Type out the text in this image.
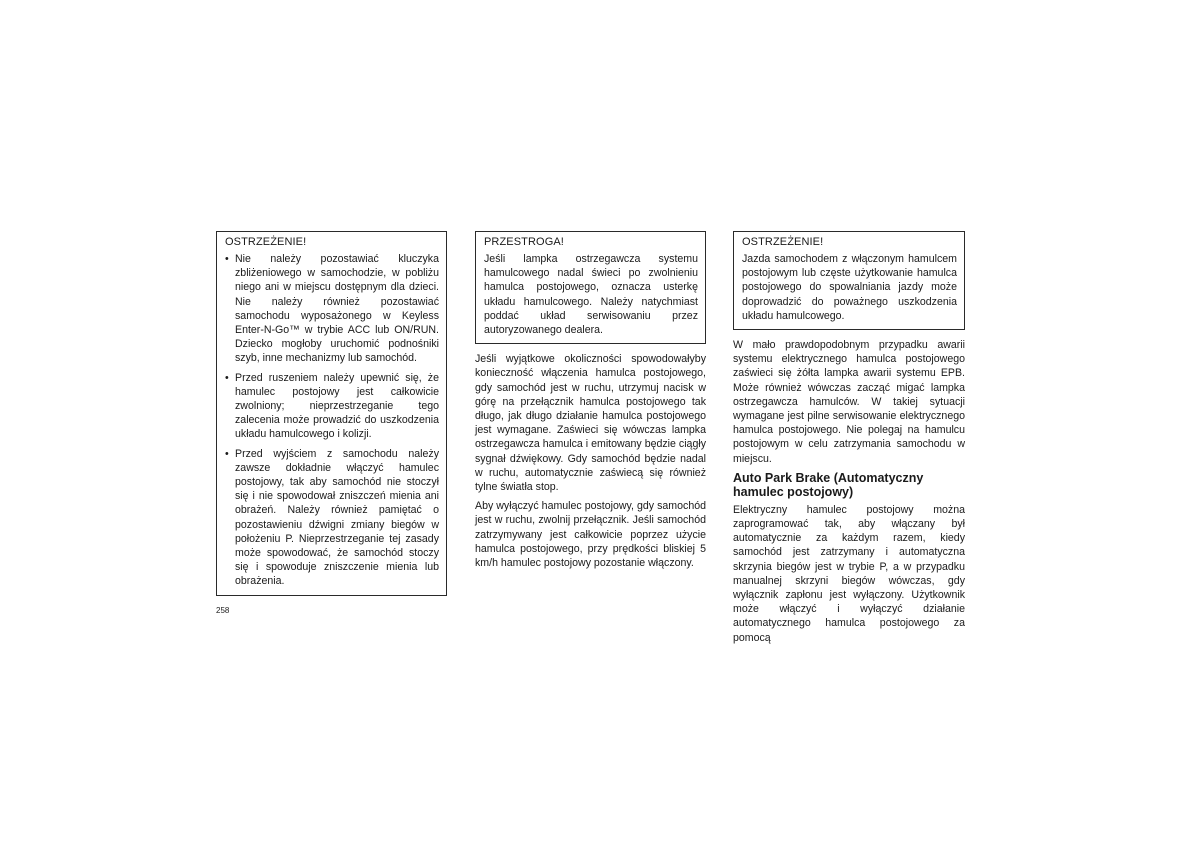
OSTRZEŻENIE!
• Nie należy pozostawiać kluczyka zbliżeniowego w samochodzie, w pobliżu niego ani w miejscu dostępnym dla dzieci. Nie należy również pozostawiać samochodu wyposażonego w Keyless Enter-N-Go™ w trybie ACC lub ON/RUN. Dziecko mogłoby uruchomić podnośniki szyb, inne mechanizmy lub samochód.
• Przed ruszeniem należy upewnić się, że hamulec postojowy jest całkowicie zwolniony; nieprzestrzeganie tego zalecenia może prowadzić do uszkodzenia układu hamulcowego i kolizji.
• Przed wyjściem z samochodu należy zawsze dokładnie włączyć hamulec postojowy, tak aby samochód nie stoczył się i nie spowodował zniszczeń mienia ani obrażeń. Należy również pamiętać o pozostawieniu dźwigni zmiany biegów w położeniu P. Nieprzestrzeganie tej zasady może spowodować, że samochód stoczy się i spowoduje zniszczenie mienia lub obrażenia.
PRZESTROGA!
Jeśli lampka ostrzegawcza systemu hamulcowego nadal świeci po zwolnieniu hamulca postojowego, oznacza usterkę układu hamulcowego. Należy natychmiast poddać układ serwisowaniu przez autoryzowanego dealera.

Jeśli wyjątkowe okoliczności spowodowałyby konieczność włączenia hamulca postojowego, gdy samochód jest w ruchu, utrzymuj nacisk w górę na przełącznik hamulca postojowego tak długo, jak długo działanie hamulca postojowego jest wymagane. Zaświeci się wówczas lampka ostrzegawcza hamulca i emitowany będzie ciągły sygnał dźwiękowy. Gdy samochód będzie nadal w ruchu, automatycznie zaświecą się również tylne światła stop.

Aby wyłączyć hamulec postojowy, gdy samochód jest w ruchu, zwolnij przełącznik. Jeśli samochód zatrzymywany jest całkowicie poprzez użycie hamulca postojowego, przy prędkości bliskiej 5 km/h hamulec postojowy pozostanie włączony.

OSTRZEŻENIE!
Jazda samochodem z włączonym hamulcem postojowym lub częste użytkowanie hamulca postojowego do spowalniania jazdy może doprowadzić do poważnego uszkodzenia układu hamulcowego.

W mało prawdopodobnym przypadku awarii systemu elektrycznego hamulca postojowego zaświeci się żółta lampka awarii systemu EPB. Może również wówczas zacząć migać lampka ostrzegawcza hamulców. W takiej sytuacji wymagane jest pilne serwisowanie elektrycznego hamulca postojowego. Nie polegaj na hamulcu postojowym w celu zatrzymania samochodu w miejscu.

Auto Park Brake (Automatyczny hamulec postojowy)

Elektryczny hamulec postojowy można zaprogramować tak, aby włączany był automatycznie za każdym razem, kiedy samochód jest zatrzymany i automatyczna skrzynia biegów jest w trybie P, a w przypadku manualnej skrzyni biegów wówczas, gdy wyłącznik zapłonu jest wyłączony. Użytkownik może włączyć i wyłączyć działanie automatycznego hamulca postojowego za pomocą

258
